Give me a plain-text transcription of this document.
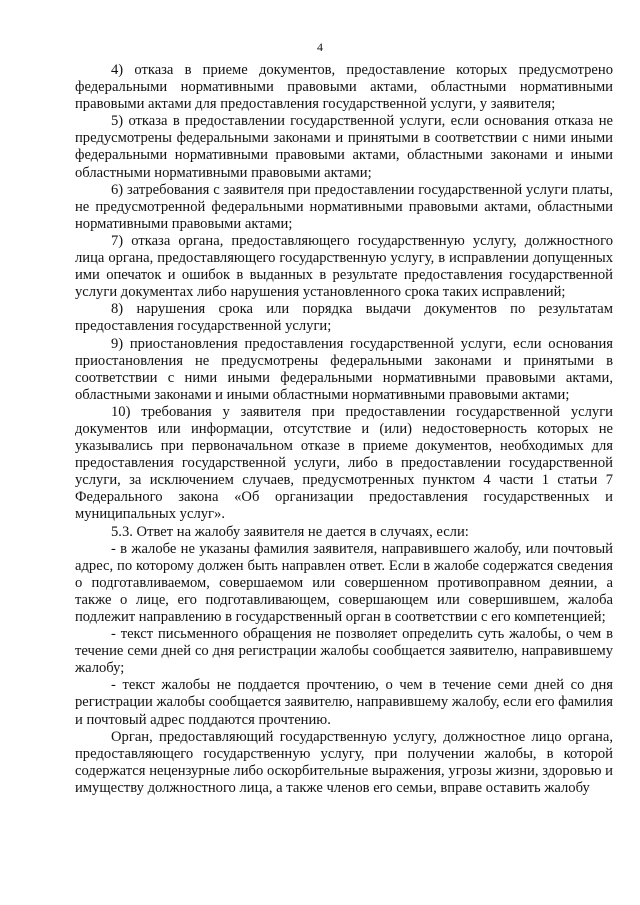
4

4) отказа в приеме документов, предоставление которых предусмотрено федеральными нормативными правовыми актами, областными нормативными правовыми актами для предоставления государственной услуги, у заявителя;

5) отказа в предоставлении государственной услуги, если основания отказа не предусмотрены федеральными законами и принятыми в соответствии с ними иными федеральными нормативными правовыми актами, областными законами и иными областными нормативными правовыми актами;

6) затребования с заявителя при предоставлении государственной услуги платы, не предусмотренной федеральными нормативными правовыми актами, областными нормативными правовыми актами;

7) отказа органа, предоставляющего государственную услугу, должностного лица органа, предоставляющего государственную услугу, в исправлении допущенных ими опечаток и ошибок в выданных в результате предоставления государственной услуги документах либо нарушения установленного срока таких исправлений;

8) нарушения срока или порядка выдачи документов по результатам предоставления государственной услуги;

9) приостановления предоставления государственной услуги, если основания приостановления не предусмотрены федеральными законами и принятыми в соответствии с ними иными федеральными нормативными правовыми актами, областными законами и иными областными нормативными правовыми актами;

10) требования у заявителя при предоставлении государственной услуги документов или информации, отсутствие и (или) недостоверность которых не указывались при первоначальном отказе в приеме документов, необходимых для предоставления государственной услуги, либо в предоставлении государственной услуги, за исключением случаев, предусмотренных пунктом 4 части 1 статьи 7 Федерального закона «Об организации предоставления государственных и муниципальных услуг».

5.3. Ответ на жалобу заявителя не дается в случаях, если:

- в жалобе не указаны фамилия заявителя, направившего жалобу, или почтовый адрес, по которому должен быть направлен ответ. Если в жалобе содержатся сведения о подготавливаемом, совершаемом или совершенном противоправном деянии, а также о лице, его подготавливающем, совершающем или совершившем, жалоба подлежит направлению в государственный орган в соответствии с его компетенцией;

- текст письменного обращения не позволяет определить суть жалобы, о чем в течение семи дней со дня регистрации жалобы сообщается заявителю, направившему жалобу;

- текст жалобы не поддается прочтению, о чем в течение семи дней со дня регистрации жалобы сообщается заявителю, направившему жалобу, если его фамилия и почтовый адрес поддаются прочтению.

Орган, предоставляющий государственную услугу, должностное лицо органа, предоставляющего государственную услугу, при получении жалобы, в которой содержатся нецензурные либо оскорбительные выражения, угрозы жизни, здоровью и имуществу должностного лица, а также членов его семьи, вправе оставить жалобу
